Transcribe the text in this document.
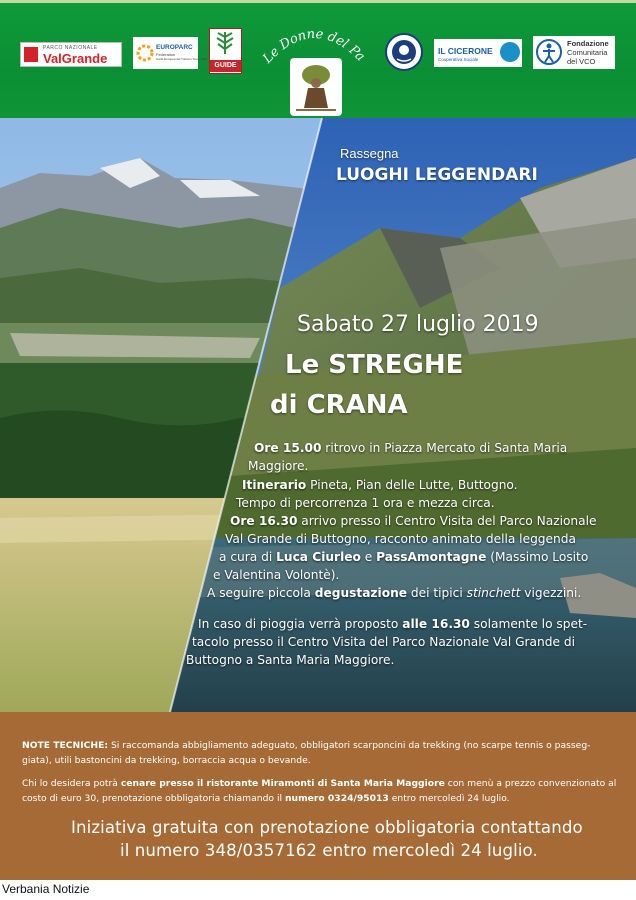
PARCO NAZIONALE
ValGrande
EUROPARC
Federation
Carta Europea del Turismo Sostenibile
GUIDE	Le Donne del Parco
IL CICERONE
Cooperativa Sociale
Fondazione
Comunitaria
del VCO
Rassegna
LUOGHI LEGGENDARI
Sabato 27 luglio 2019
Le STREGHE
di CRANA
Ore 15.00 ritrovo in Piazza Mercato di Santa Maria
Maggiore.
Itinerario Pineta, Pian delle Lutte, Buttogno.
Tempo di percorrenza 1 ora e mezza circa.
Ore 16.30 arrivo presso il Centro Visita del Parco Nazionale
Val Grande di Buttogno, racconto animato della leggenda
a cura di Luca Ciurleo e PassAmontagne (Massimo Losito
e Valentina Volontè).
A seguire piccola degustazione dei tipici stinchett vigezzini.
In caso di pioggia verrà proposto alle 16.30 solamente lo spet-
tacolo presso il Centro Visita del Parco Nazionale Val Grande di
Buttogno a Santa Maria Maggiore.
NOTE TECNICHE: Si raccomanda abbigliamento adeguato, obbligatori scarponcini da trekking (no scarpe tennis o passeg-
giata), utili bastoncini da trekking, borraccia acqua o bevande.
Chi lo desidera potrà cenare presso il ristorante Miramonti di Santa Maria Maggiore con menù a prezzo convenzionato al
costo di euro 30, prenotazione obbligatoria chiamando il numero 0324/95013 entro mercoledì 24 luglio.
Iniziativa gratuita con prenotazione obbligatoria contattando
il numero 348/0357162 entro mercoledì 24 luglio.
Verbania Notizie
